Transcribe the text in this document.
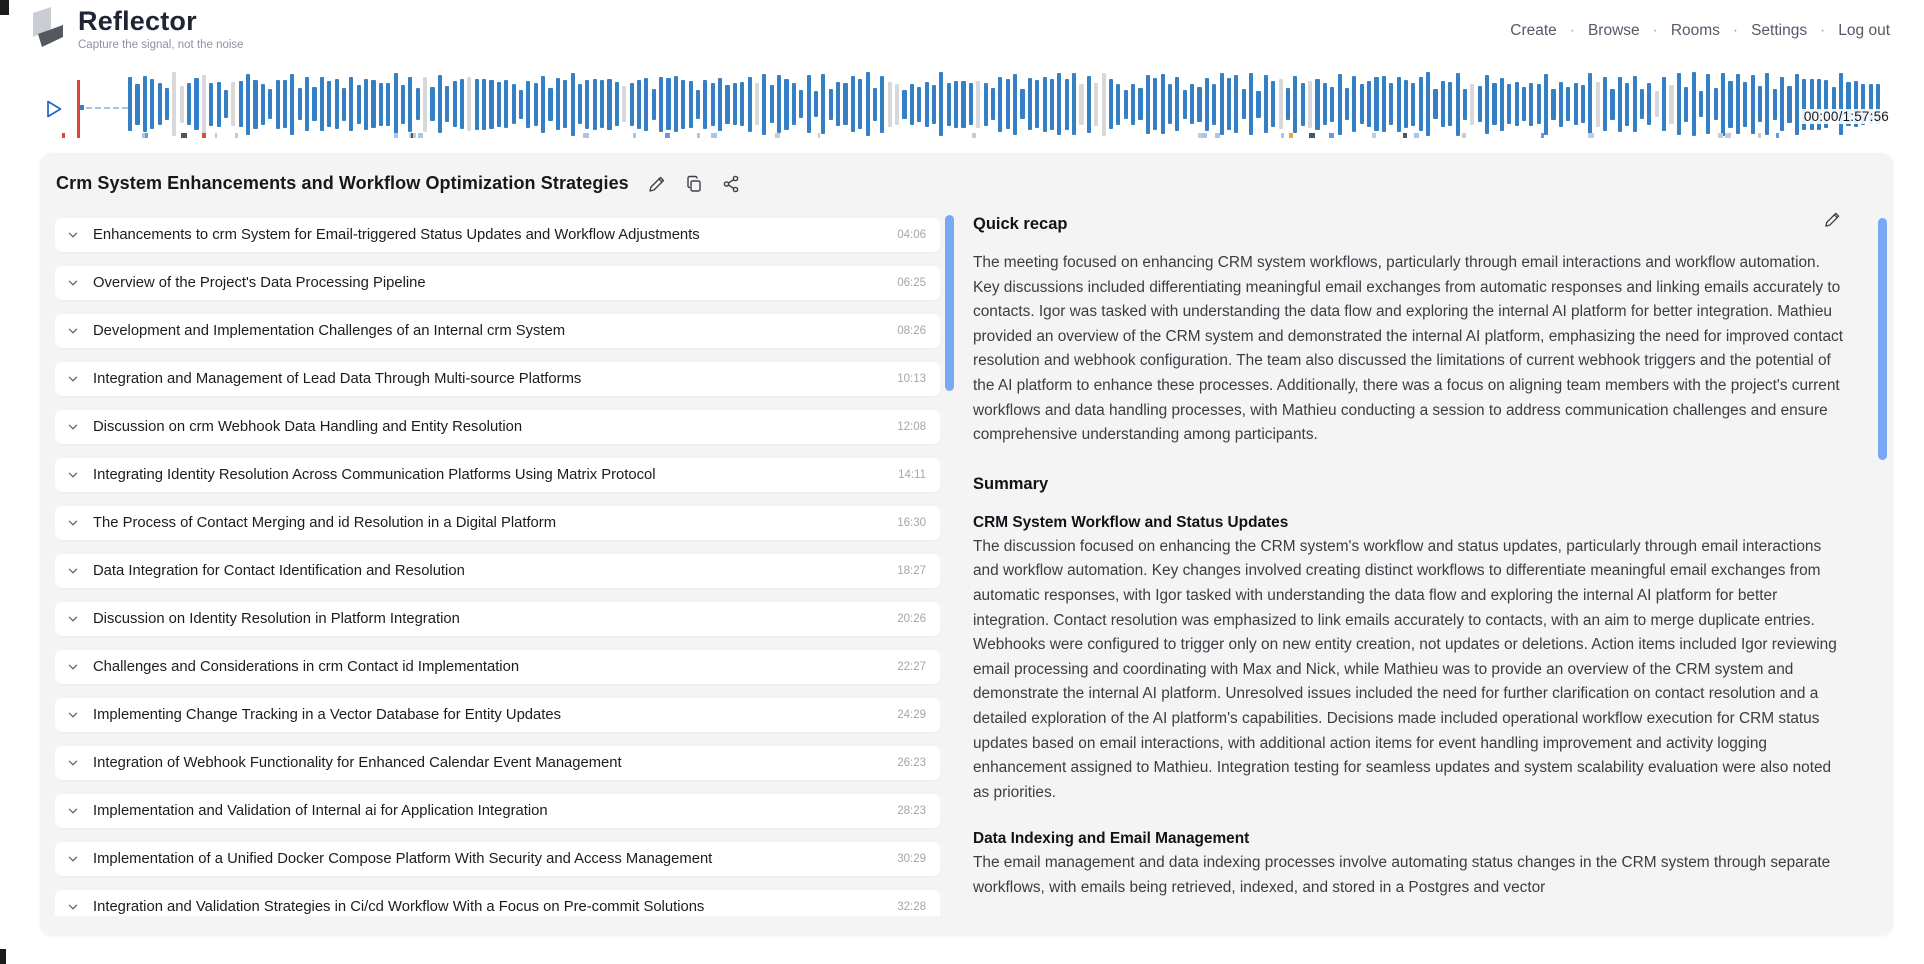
Reflector
Capture the signal, not the noise
Create · Browse · Rooms · Settings · Log out
00:00/1:57:56
Crm System Enhancements and Workflow Optimization Strategies
Enhancements to crm System for Email-triggered Status Updates and Workflow Adjustments	04:06
Overview of the Project's Data Processing Pipeline	06:25
Development and Implementation Challenges of an Internal crm System	08:26
Integration and Management of Lead Data Through Multi-source Platforms	10:13
Discussion on crm Webhook Data Handling and Entity Resolution	12:08
Integrating Identity Resolution Across Communication Platforms Using Matrix Protocol	14:11
The Process of Contact Merging and id Resolution in a Digital Platform	16:30
Data Integration for Contact Identification and Resolution	18:27
Discussion on Identity Resolution in Platform Integration	20:26
Challenges and Considerations in crm Contact id Implementation	22:27
Implementing Change Tracking in a Vector Database for Entity Updates	24:29
Integration of Webhook Functionality for Enhanced Calendar Event Management	26:23
Implementation and Validation of Internal ai for Application Integration	28:23
Implementation of a Unified Docker Compose Platform With Security and Access Management	30:29
Integration and Validation Strategies in Ci/cd Workflow With a Focus on Pre-commit Solutions	32:28
Quick recap

The meeting focused on enhancing CRM system workflows, particularly through email interactions and workflow automation. Key discussions included differentiating meaningful email exchanges from automatic responses and linking emails accurately to contacts. Igor was tasked with understanding the data flow and exploring the internal AI platform for better integration. Mathieu provided an overview of the CRM system and demonstrated the internal AI platform, emphasizing the need for improved contact resolution and webhook configuration. The team also discussed the limitations of current webhook triggers and the potential of the AI platform to enhance these processes. Additionally, there was a focus on aligning team members with the project's current workflows and data handling processes, with Mathieu conducting a session to address communication challenges and ensure comprehensive understanding among participants.

Summary
CRM System Workflow and Status Updates
The discussion focused on enhancing the CRM system's workflow and status updates, particularly through email interactions and workflow automation. Key changes involved creating distinct workflows to differentiate meaningful email exchanges from automatic responses, with Igor tasked with understanding the data flow and exploring the internal AI platform for better integration. Contact resolution was emphasized to link emails accurately to contacts, with an aim to merge duplicate entries. Webhooks were configured to trigger only on new entity creation, not updates or deletions. Action items included Igor reviewing email processing and coordinating with Max and Nick, while Mathieu was to provide an overview of the CRM system and demonstrate the internal AI platform. Unresolved issues included the need for further clarification on contact resolution and a detailed exploration of the AI platform's capabilities. Decisions made included operational workflow execution for CRM status updates based on email interactions, with additional action items for event handling improvement and activity logging enhancement assigned to Mathieu. Integration testing for seamless updates and system scalability evaluation were also noted as priorities.
Data Indexing and Email Management
The email management and data indexing processes involve automating status changes in the CRM system through separate workflows, with emails being retrieved, indexed, and stored in a Postgres and vector
